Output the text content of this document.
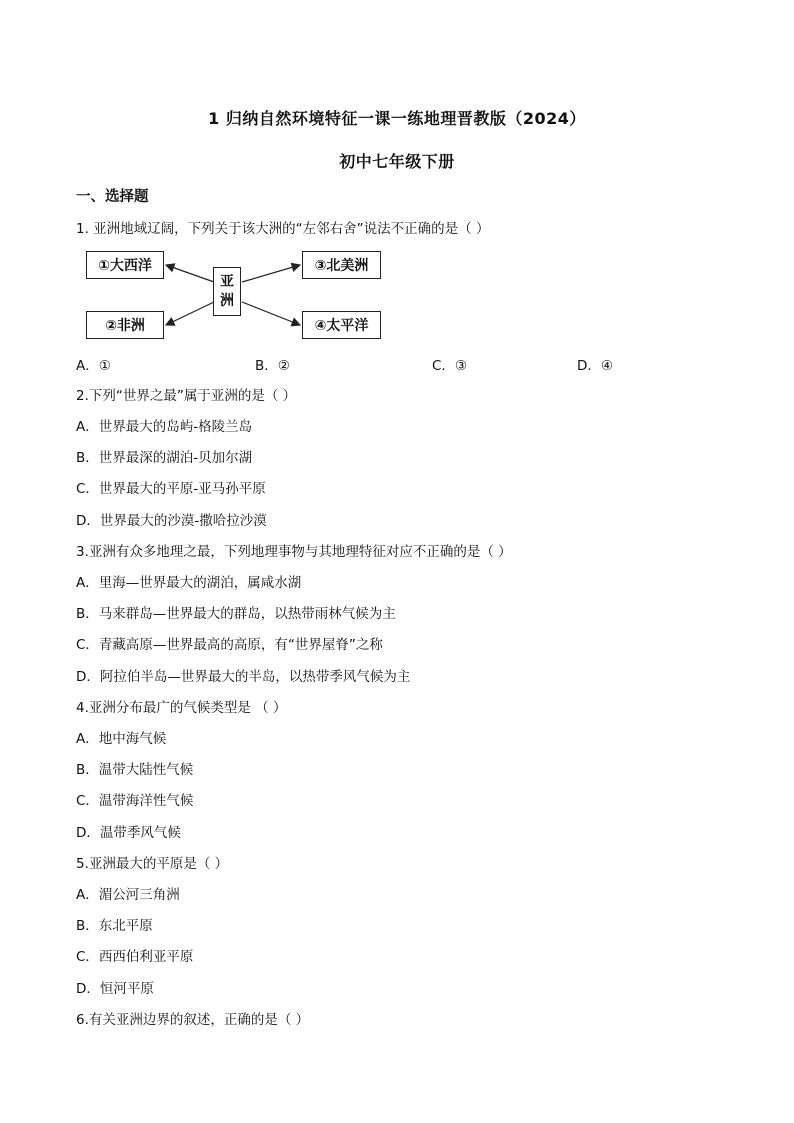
1 归纳自然环境特征一课一练地理晋教版（2024）
初中七年级下册
一、选择题
1. 亚洲地域辽阔，下列关于该大洲的“左邻右舍”说法不正确的是（ ）
①大西洋
②非洲
③北美洲
④太平洋
亚
洲
A．①	B．②	C．③	D．④
2.下列“世界之最”属于亚洲的是（ ）
A．世界最大的岛屿-格陵兰岛
B．世界最深的湖泊-贝加尔湖
C．世界最大的平原-亚马孙平原
D．世界最大的沙漠-撒哈拉沙漠
3.亚洲有众多地理之最，下列地理事物与其地理特征对应不正确的是（ ）
A．里海—世界最大的湖泊，属咸水湖
B．马来群岛—世界最大的群岛，以热带雨林气候为主
C．青藏高原—世界最高的高原，有“世界屋脊”之称
D．阿拉伯半岛—世界最大的半岛，以热带季风气候为主
4.亚洲分布最广的气候类型是 （ ）
A．地中海气候
B．温带大陆性气候
C．温带海洋性气候
D．温带季风气候
5.亚洲最大的平原是（ ）
A．湄公河三角洲
B．东北平原
C．西西伯利亚平原
D．恒河平原
6.有关亚洲边界的叙述，正确的是（ ）
